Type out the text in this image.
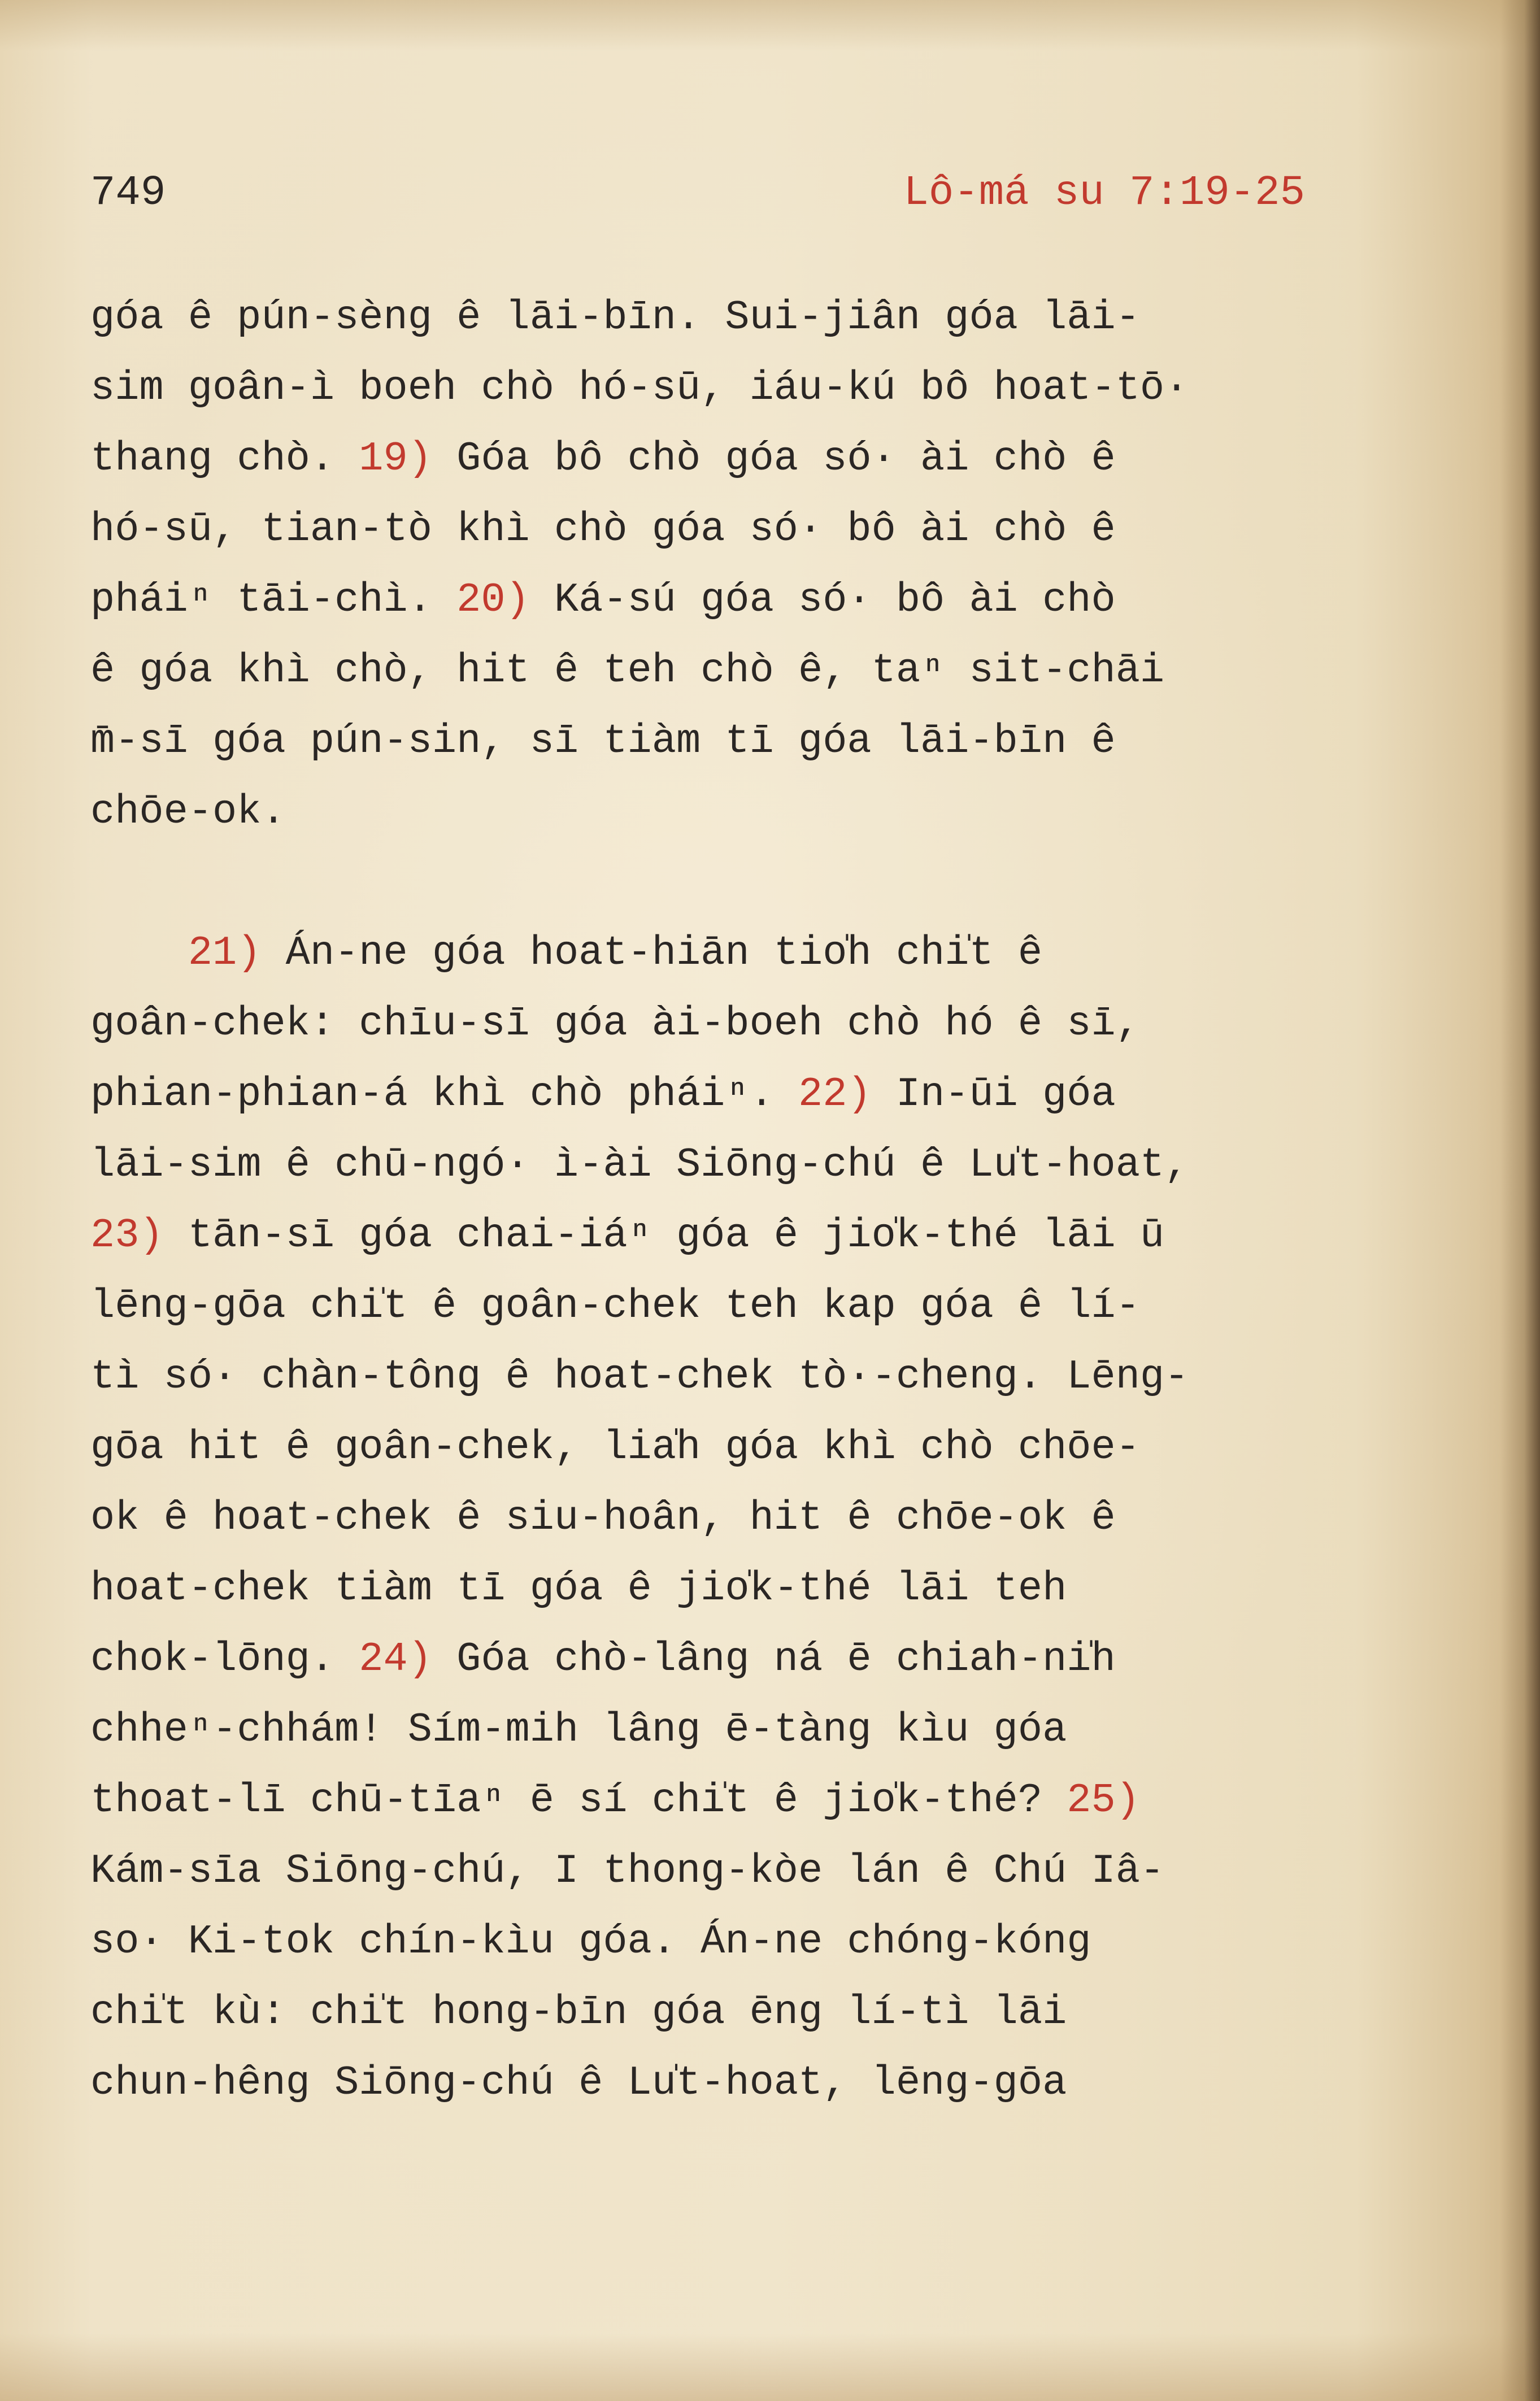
749	Lô-má su 7:19-25
góa ê pún-sèng ê lāi-bīn. Sui-jiân góa lāi-
sim goân-ì boeh chò hó-sū, iáu-kú bô hoat-tō·
thang chò. 19) Góa bô chò góa só· ài chò ê
hó-sū, tian-tò khì chò góa só· bô ài chò ê
pháiⁿ tāi-chì. 20) Ká-sú góa só· bô ài chò
ê góa khì chò, hit ê teh chò ê, taⁿ sit-chāi
m̄-sī góa pún-sin, sī tiàm tī góa lāi-bīn ê
chōe-ok.
21) Án-ne góa hoat-hiān tio̍h chi̍t ê
goân-chek: chīu-sī góa ài-boeh chò hó ê sī,
phian-phian-á khì chò pháiⁿ. 22) In-ūi góa
lāi-sim ê chū-ngó· ì-ài Siōng-chú ê Lu̍t-hoat,
23) tān-sī góa chai-iáⁿ góa ê jio̍k-thé lāi ū
lēng-gōa chi̍t ê goân-chek teh kap góa ê lí-
tì só· chàn-tông ê hoat-chek tò·-cheng. Lēng-
gōa hit ê goân-chek, lia̍h góa khì chò chōe-
ok ê hoat-chek ê siu-hoân, hit ê chōe-ok ê
hoat-chek tiàm tī góa ê jio̍k-thé lāi teh
chok-lōng. 24) Góa chò-lâng ná ē chiah-ni̍h
chheⁿ-chhám! Sím-mih lâng ē-tàng kìu góa
thoat-lī chū-tīaⁿ ē sí chi̍t ê jio̍k-thé? 25)
Kám-sīa Siōng-chú, I thong-kòe lán ê Chú Iâ-
so· Ki-tok chín-kìu góa. Án-ne chóng-kóng
chi̍t kù: chi̍t hong-bīn góa ēng lí-tì lāi
chun-hêng Siōng-chú ê Lu̍t-hoat, lēng-gōa
